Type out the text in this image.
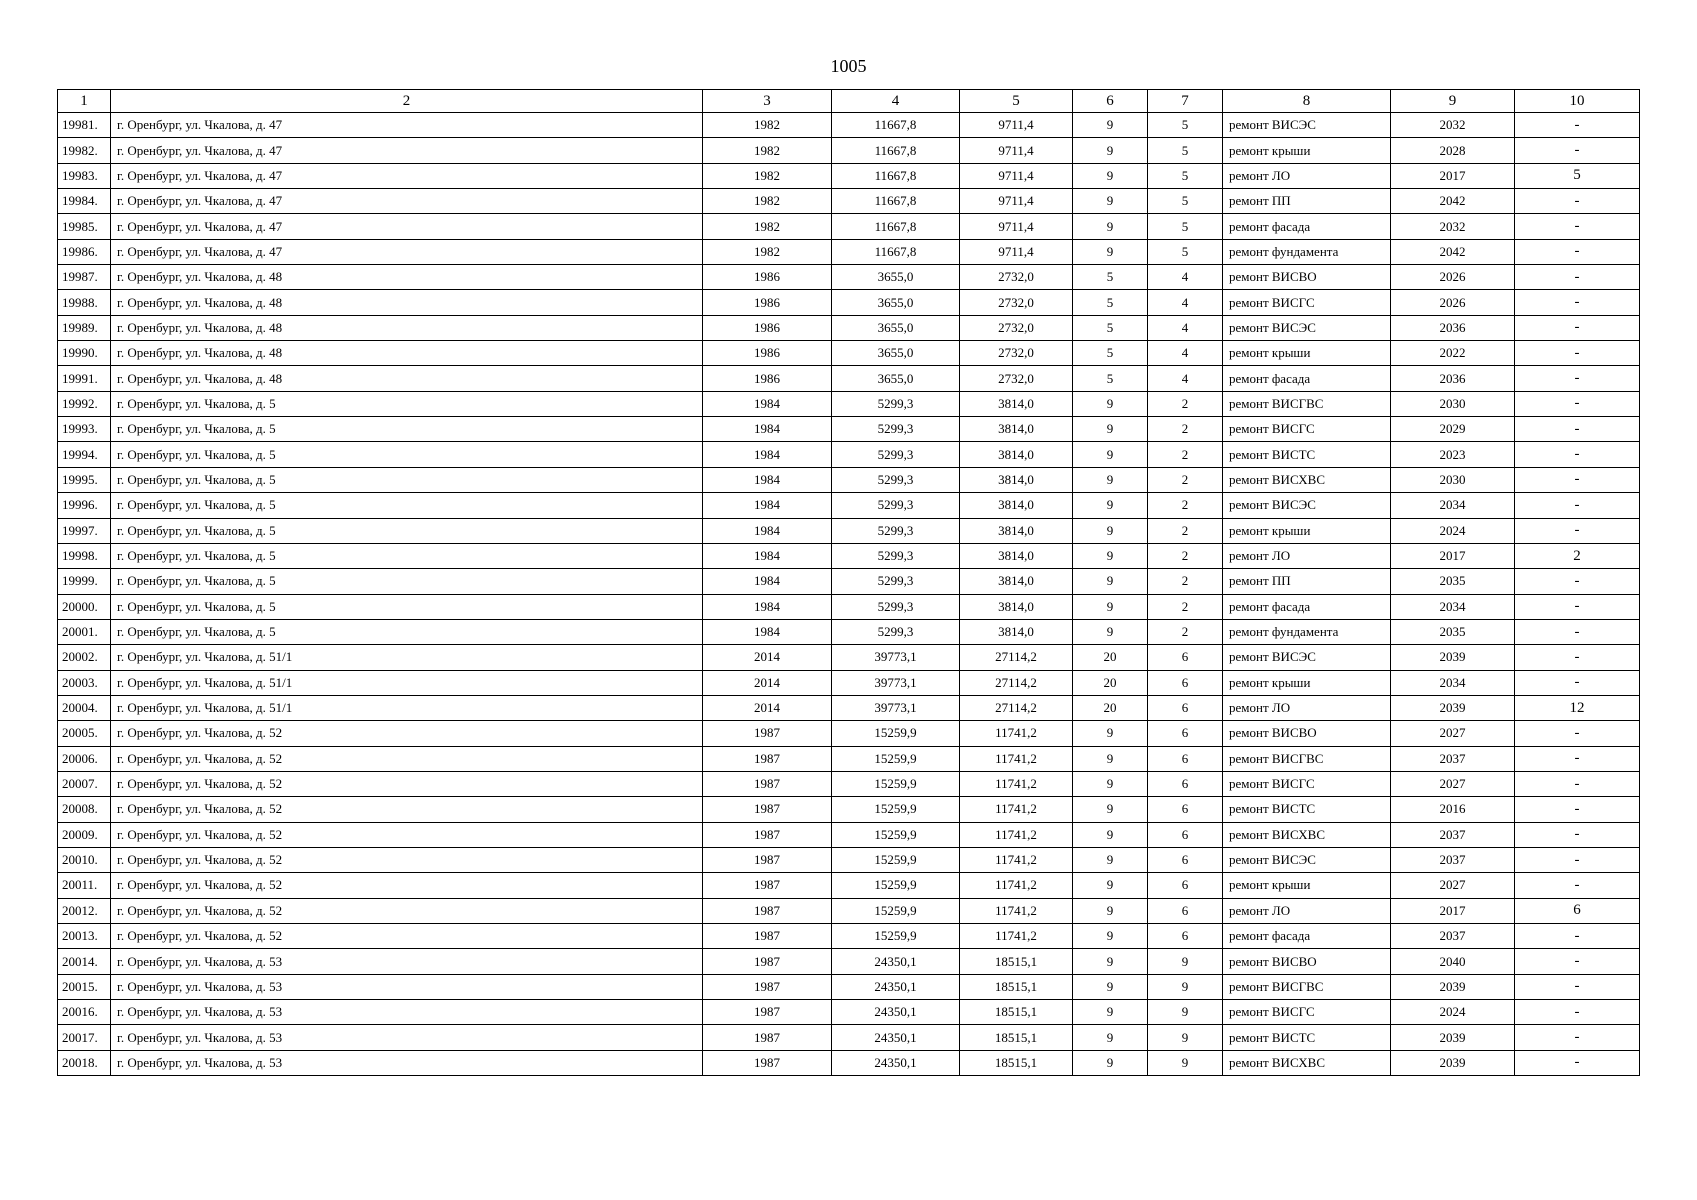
1005
1	2	3	4	5	6	7	8	9	10
19981.	г. Оренбург, ул. Чкалова, д. 47	1982	11667,8	9711,4	9	5	ремонт ВИСЭС	2032	-
19982.	г. Оренбург, ул. Чкалова, д. 47	1982	11667,8	9711,4	9	5	ремонт крыши	2028	-
19983.	г. Оренбург, ул. Чкалова, д. 47	1982	11667,8	9711,4	9	5	ремонт ЛО	2017	5
19984.	г. Оренбург, ул. Чкалова, д. 47	1982	11667,8	9711,4	9	5	ремонт ПП	2042	-
19985.	г. Оренбург, ул. Чкалова, д. 47	1982	11667,8	9711,4	9	5	ремонт фасада	2032	-
19986.	г. Оренбург, ул. Чкалова, д. 47	1982	11667,8	9711,4	9	5	ремонт фундамента	2042	-
19987.	г. Оренбург, ул. Чкалова, д. 48	1986	3655,0	2732,0	5	4	ремонт ВИСВО	2026	-
19988.	г. Оренбург, ул. Чкалова, д. 48	1986	3655,0	2732,0	5	4	ремонт ВИСГС	2026	-
19989.	г. Оренбург, ул. Чкалова, д. 48	1986	3655,0	2732,0	5	4	ремонт ВИСЭС	2036	-
19990.	г. Оренбург, ул. Чкалова, д. 48	1986	3655,0	2732,0	5	4	ремонт крыши	2022	-
19991.	г. Оренбург, ул. Чкалова, д. 48	1986	3655,0	2732,0	5	4	ремонт фасада	2036	-
19992.	г. Оренбург, ул. Чкалова, д. 5	1984	5299,3	3814,0	9	2	ремонт ВИСГВС	2030	-
19993.	г. Оренбург, ул. Чкалова, д. 5	1984	5299,3	3814,0	9	2	ремонт ВИСГС	2029	-
19994.	г. Оренбург, ул. Чкалова, д. 5	1984	5299,3	3814,0	9	2	ремонт ВИСТС	2023	-
19995.	г. Оренбург, ул. Чкалова, д. 5	1984	5299,3	3814,0	9	2	ремонт ВИСХВС	2030	-
19996.	г. Оренбург, ул. Чкалова, д. 5	1984	5299,3	3814,0	9	2	ремонт ВИСЭС	2034	-
19997.	г. Оренбург, ул. Чкалова, д. 5	1984	5299,3	3814,0	9	2	ремонт крыши	2024	-
19998.	г. Оренбург, ул. Чкалова, д. 5	1984	5299,3	3814,0	9	2	ремонт ЛО	2017	2
19999.	г. Оренбург, ул. Чкалова, д. 5	1984	5299,3	3814,0	9	2	ремонт ПП	2035	-
20000.	г. Оренбург, ул. Чкалова, д. 5	1984	5299,3	3814,0	9	2	ремонт фасада	2034	-
20001.	г. Оренбург, ул. Чкалова, д. 5	1984	5299,3	3814,0	9	2	ремонт фундамента	2035	-
20002.	г. Оренбург, ул. Чкалова, д. 51/1	2014	39773,1	27114,2	20	6	ремонт ВИСЭС	2039	-
20003.	г. Оренбург, ул. Чкалова, д. 51/1	2014	39773,1	27114,2	20	6	ремонт крыши	2034	-
20004.	г. Оренбург, ул. Чкалова, д. 51/1	2014	39773,1	27114,2	20	6	ремонт ЛО	2039	12
20005.	г. Оренбург, ул. Чкалова, д. 52	1987	15259,9	11741,2	9	6	ремонт ВИСВО	2027	-
20006.	г. Оренбург, ул. Чкалова, д. 52	1987	15259,9	11741,2	9	6	ремонт ВИСГВС	2037	-
20007.	г. Оренбург, ул. Чкалова, д. 52	1987	15259,9	11741,2	9	6	ремонт ВИСГС	2027	-
20008.	г. Оренбург, ул. Чкалова, д. 52	1987	15259,9	11741,2	9	6	ремонт ВИСТС	2016	-
20009.	г. Оренбург, ул. Чкалова, д. 52	1987	15259,9	11741,2	9	6	ремонт ВИСХВС	2037	-
20010.	г. Оренбург, ул. Чкалова, д. 52	1987	15259,9	11741,2	9	6	ремонт ВИСЭС	2037	-
20011.	г. Оренбург, ул. Чкалова, д. 52	1987	15259,9	11741,2	9	6	ремонт крыши	2027	-
20012.	г. Оренбург, ул. Чкалова, д. 52	1987	15259,9	11741,2	9	6	ремонт ЛО	2017	6
20013.	г. Оренбург, ул. Чкалова, д. 52	1987	15259,9	11741,2	9	6	ремонт фасада	2037	-
20014.	г. Оренбург, ул. Чкалова, д. 53	1987	24350,1	18515,1	9	9	ремонт ВИСВО	2040	-
20015.	г. Оренбург, ул. Чкалова, д. 53	1987	24350,1	18515,1	9	9	ремонт ВИСГВС	2039	-
20016.	г. Оренбург, ул. Чкалова, д. 53	1987	24350,1	18515,1	9	9	ремонт ВИСГС	2024	-
20017.	г. Оренбург, ул. Чкалова, д. 53	1987	24350,1	18515,1	9	9	ремонт ВИСТС	2039	-
20018.	г. Оренбург, ул. Чкалова, д. 53	1987	24350,1	18515,1	9	9	ремонт ВИСХВС	2039	-
